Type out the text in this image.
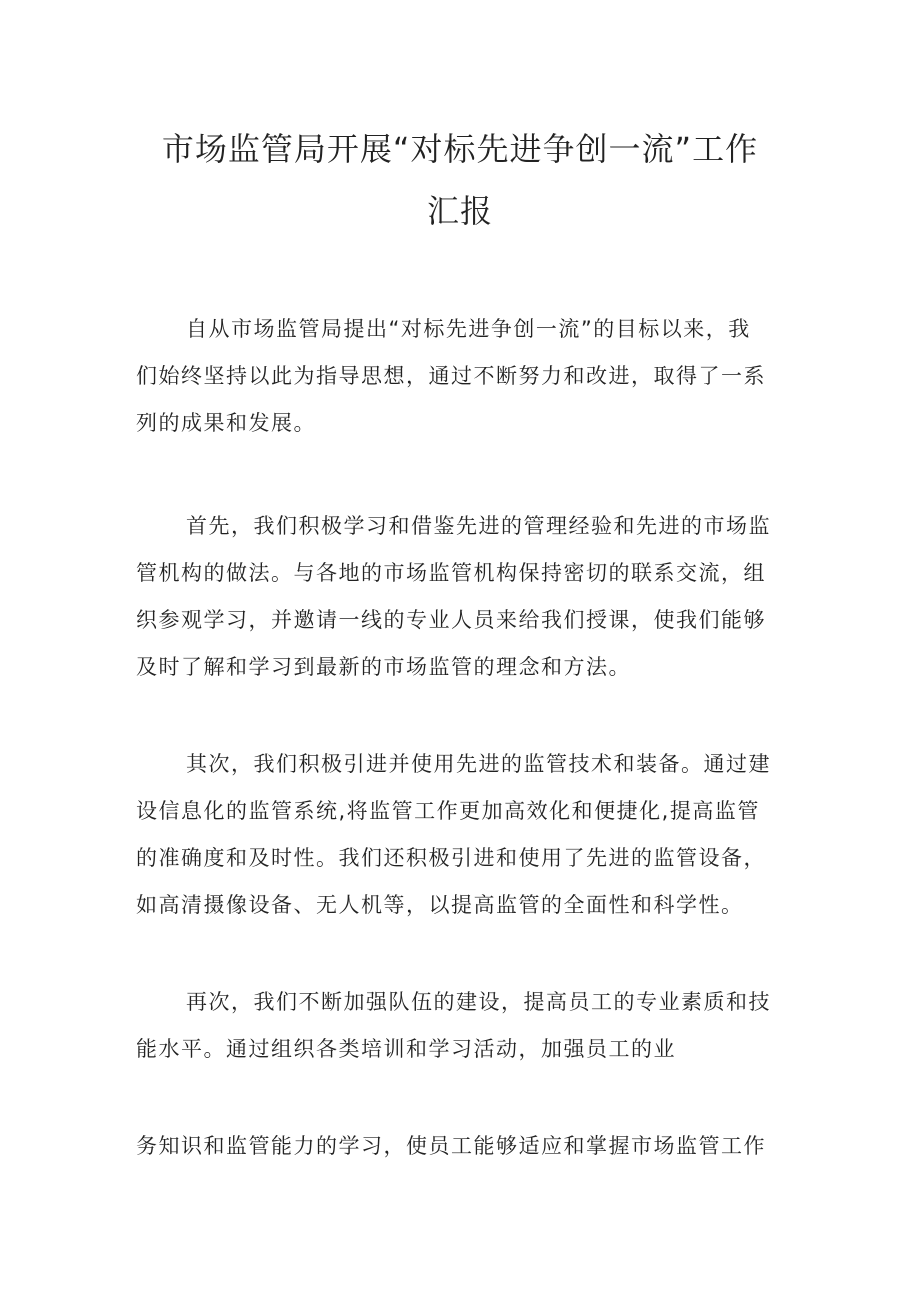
市场监管局开展“对标先进争创一流”工作
汇报

自从市场监管局提出“对标先进争创一流”的目标以来，我
们始终坚持以此为指导思想，通过不断努力和改进，取得了一系
列的成果和发展。

首先，我们积极学习和借鉴先进的管理经验和先进的市场监
管机构的做法。与各地的市场监管机构保持密切的联系交流，组
织参观学习，并邀请一线的专业人员来给我们授课，使我们能够
及时了解和学习到最新的市场监管的理念和方法。

其次，我们积极引进并使用先进的监管技术和装备。通过建
设信息化的监管系统,将监管工作更加高效化和便捷化,提高监管
的准确度和及时性。我们还积极引进和使用了先进的监管设备，
如高清摄像设备、无人机等，以提高监管的全面性和科学性。

再次，我们不断加强队伍的建设，提高员工的专业素质和技
能水平。通过组织各类培训和学习活动，加强员工的业

务知识和监管能力的学习，使员工能够适应和掌握市场监管工作
